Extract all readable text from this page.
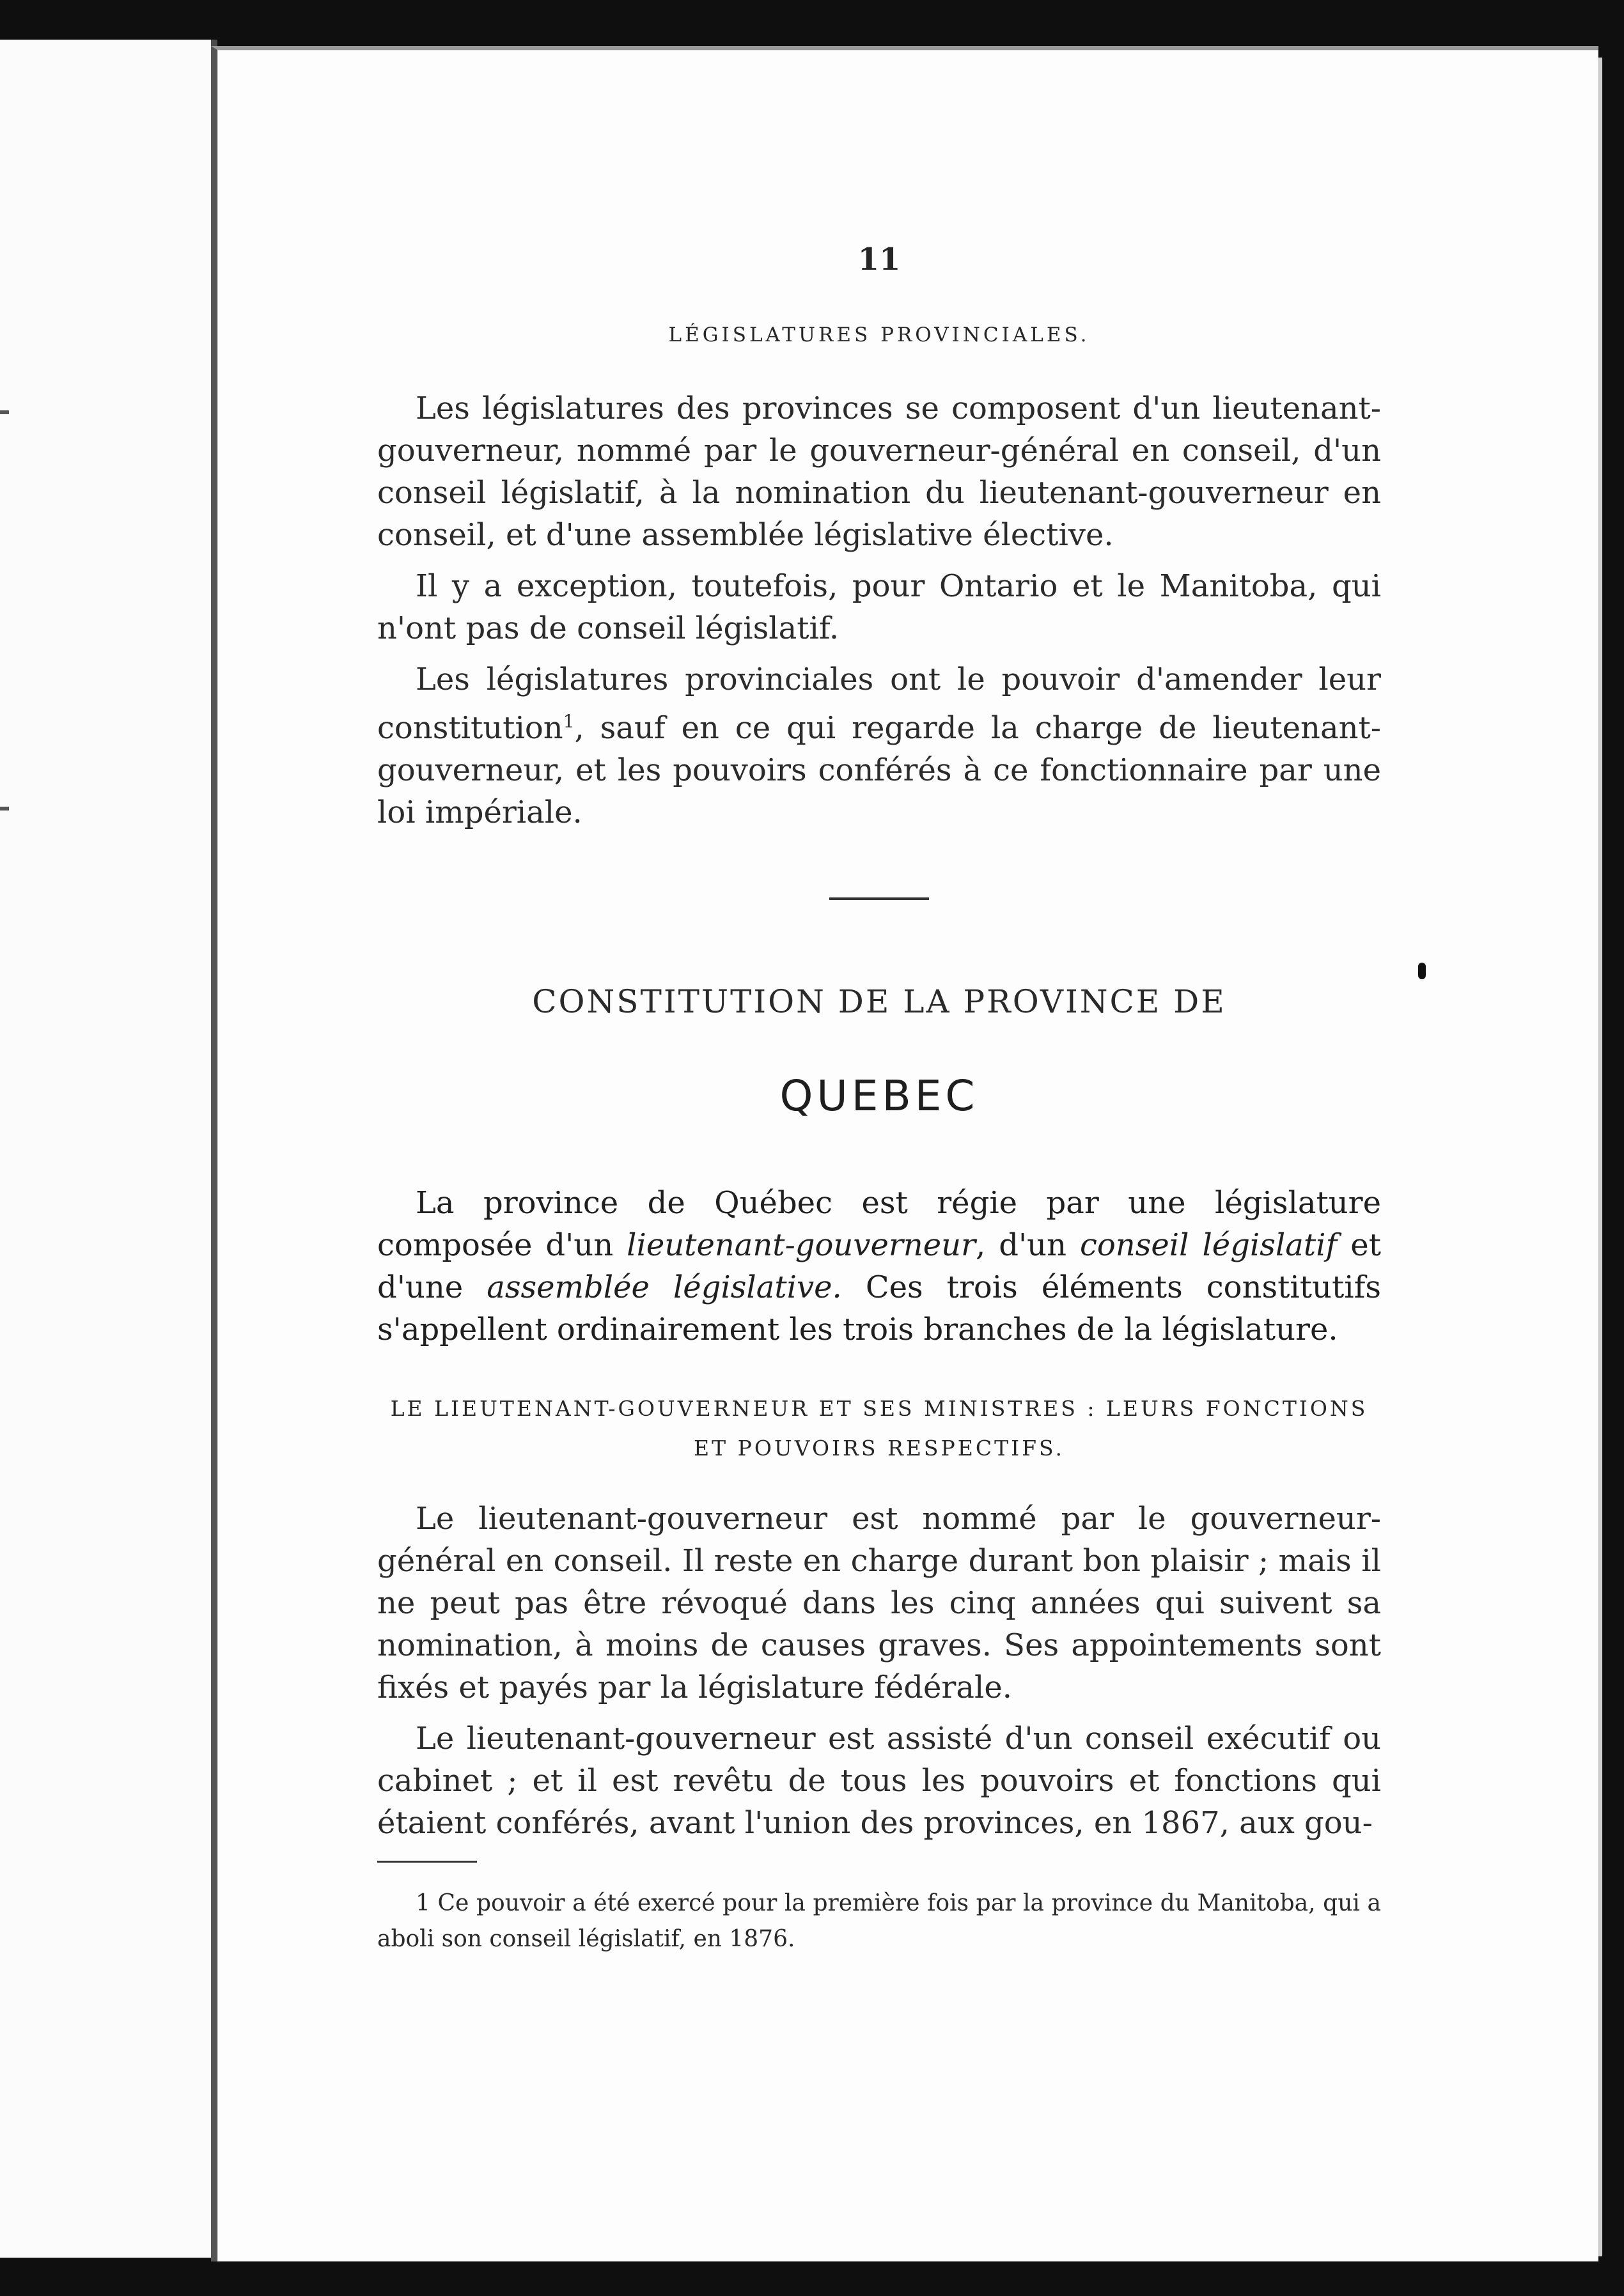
11
LÉGISLATURES PROVINCIALES.

Les législatures des provinces se composent d'un lieutenant-gouverneur, nommé par le gouverneur-général en conseil, d'un conseil législatif, à la nomination du lieutenant-gouverneur en conseil, et d'une assemblée législative élective.

Il y a exception, toutefois, pour Ontario et le Manitoba, qui n'ont pas de conseil législatif.

Les législatures provinciales ont le pouvoir d'amender leur constitution$^1$, sauf en ce qui regarde la charge de lieutenant-gouverneur, et les pouvoirs conférés à ce fonctionnaire par une loi impériale.

CONSTITUTION DE LA PROVINCE DE
QUEBEC

La province de Québec est régie par une législature composée d'un lieutenant-gouverneur, d'un conseil législatif et d'une assemblée législative. Ces trois éléments constitutifs s'appellent ordinairement les trois branches de la législature.

LE LIEUTENANT-GOUVERNEUR ET SES MINISTRES : LEURS FONCTIONS
ET POUVOIRS RESPECTIFS.

Le lieutenant-gouverneur est nommé par le gouverneur-général en conseil. Il reste en charge durant bon plaisir ; mais il ne peut pas être révoqué dans les cinq années qui suivent sa nomination, à moins de causes graves. Ses appointements sont fixés et payés par la législature fédérale.

Le lieutenant-gouverneur est assisté d'un conseil exécutif ou cabinet ; et il est revêtu de tous les pouvoirs et fonctions qui étaient conférés, avant l'union des provinces, en 1867, aux gou-

1 Ce pouvoir a été exercé pour la première fois par la province du Manitoba, qui a aboli son conseil législatif, en 1876.
